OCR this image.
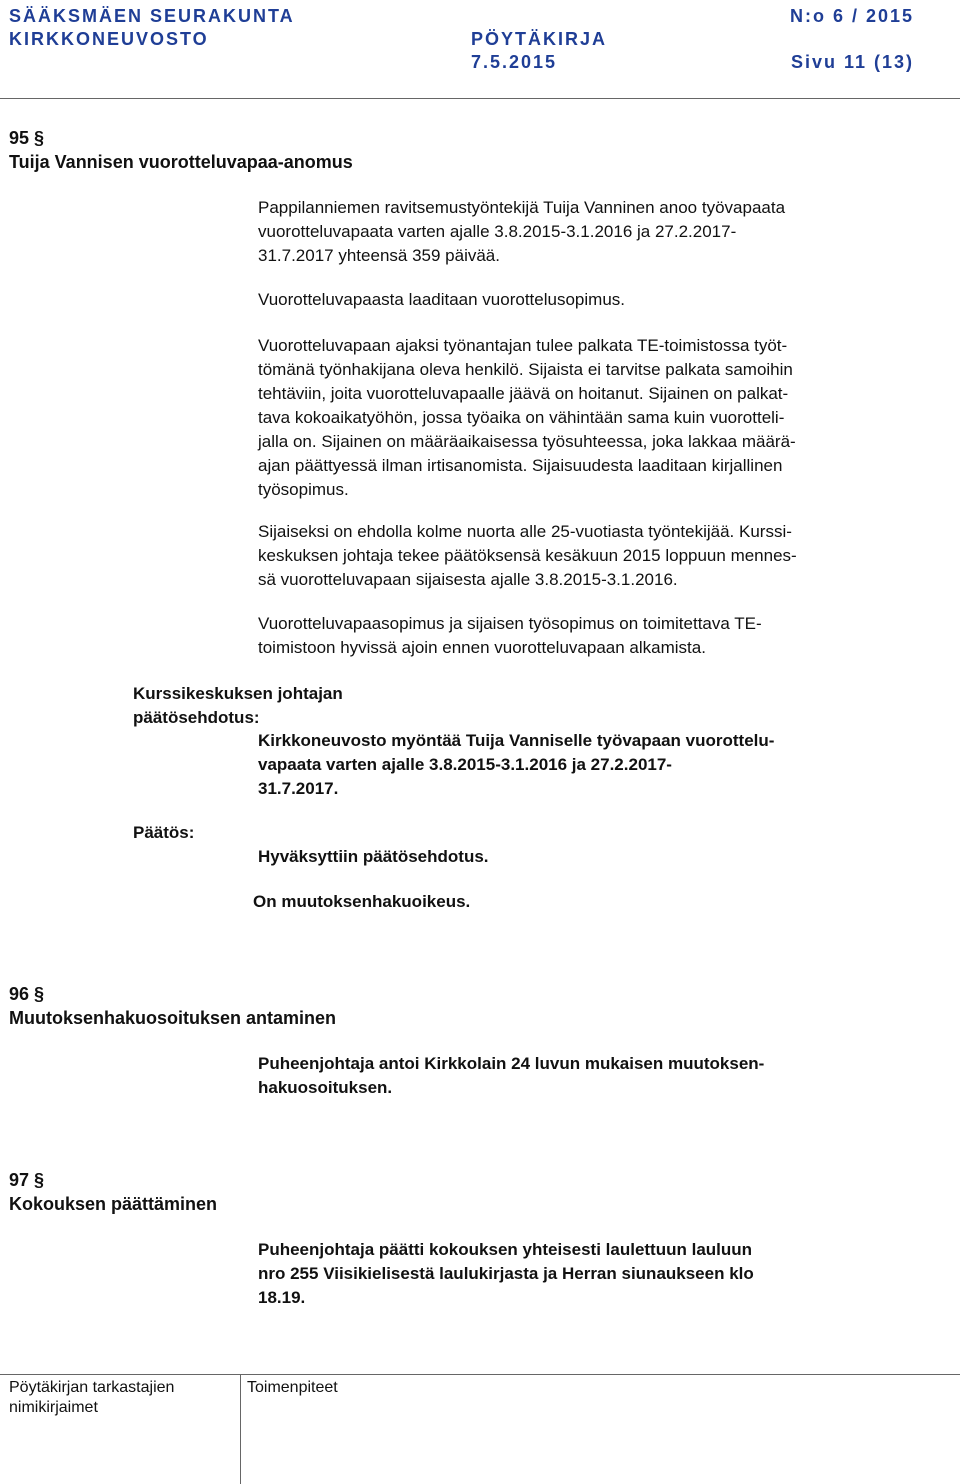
SÄÄKSMÄEN SEURAKUNTA	N:o 6 / 2015
KIRKKONEUVOSTO	PÖYTÄKIRJA
7.5.2015	Sivu 11 (13)
95 §
Tuija Vannisen vuorotteluvapaa-anomus

Pappilanniemen ravitsemustyöntekijä Tuija Vanninen anoo työvapaata
vuorotteluvapaata varten ajalle 3.8.2015-3.1.2016 ja 27.2.2017-
31.7.2017 yhteensä 359 päivää.

Vuorotteluvapaasta laaditaan vuorottelusopimus.

Vuorotteluvapaan ajaksi työnantajan tulee palkata TE-toimistossa työt-
tömänä työnhakijana oleva henkilö. Sijaista ei tarvitse palkata samoihin
tehtäviin, joita vuorotteluvapaalle jäävä on hoitanut. Sijainen on palkat-
tava kokoaikatyöhön, jossa työaika on vähintään sama kuin vuorotteli-
jalla on. Sijainen on määräaikaisessa työsuhteessa, joka lakkaa määrä-
ajan päättyessä ilman irtisanomista. Sijaisuudesta laaditaan kirjallinen
työsopimus.

Sijaiseksi on ehdolla kolme nuorta alle 25-vuotiasta työntekijää. Kurssi-
keskuksen johtaja tekee päätöksensä kesäkuun 2015 loppuun mennes-
sä vuorotteluvapaan sijaisesta ajalle 3.8.2015-3.1.2016.

Vuorotteluvapaasopimus ja sijaisen työsopimus on toimitettava TE-
toimistoon hyvissä ajoin ennen vuorotteluvapaan alkamista.

Kurssikeskuksen johtajan
päätösehdotus:

Kirkkoneuvosto myöntää Tuija Vanniselle työvapaan vuorottelu-
vapaata varten ajalle 3.8.2015-3.1.2016 ja 27.2.2017-
31.7.2017.

Päätös:

Hyväksyttiin päätösehdotus.

On muutoksenhakuoikeus.
96 §
Muutoksenhakuosoituksen antaminen

Puheenjohtaja antoi Kirkkolain 24 luvun mukaisen muutoksen-
hakuosoituksen.

97 §
Kokouksen päättäminen

Puheenjohtaja päätti kokouksen yhteisesti laulettuun lauluun
nro 255 Viisikielisestä laulukirjasta ja Herran siunaukseen klo
18.19.

Pöytäkirjan tarkastajien
nimikirjaimet
Toimenpiteet
